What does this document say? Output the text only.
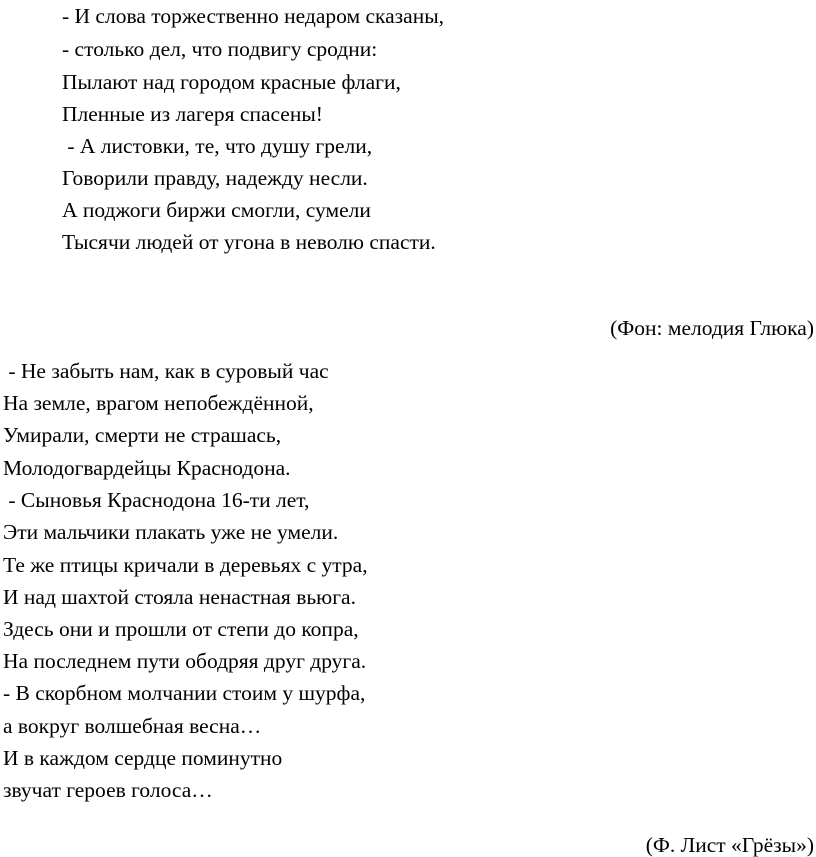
- И слова торжественно недаром сказаны,

- столько дел, что подвигу сродни:

Пылают над городом красные флаги,

Пленные из лагеря спасены!

- А листовки, те, что душу грели,

Говорили правду, надежду несли.

А поджоги биржи смогли, сумели

Тысячи людей от угона в неволю спасти.

(Фон: мелодия Глюка)

- Не забыть нам, как в суровый час

На земле, врагом непобеждённой,

Умирали, смерти не страшась,

Молодогвардейцы Краснодона.

- Сыновья Краснодона 16-ти лет,

Эти мальчики плакать уже не умели.

Те же птицы кричали в деревьях с утра,

И над шахтой стояла ненастная вьюга.

Здесь они и прошли от степи до копра,

На последнем пути ободряя друг друга.

- В скорбном молчании стоим у шурфа,

а вокруг волшебная весна…

И в каждом сердце поминутно

звучат героев голоса…

(Ф. Лист «Грёзы»)
